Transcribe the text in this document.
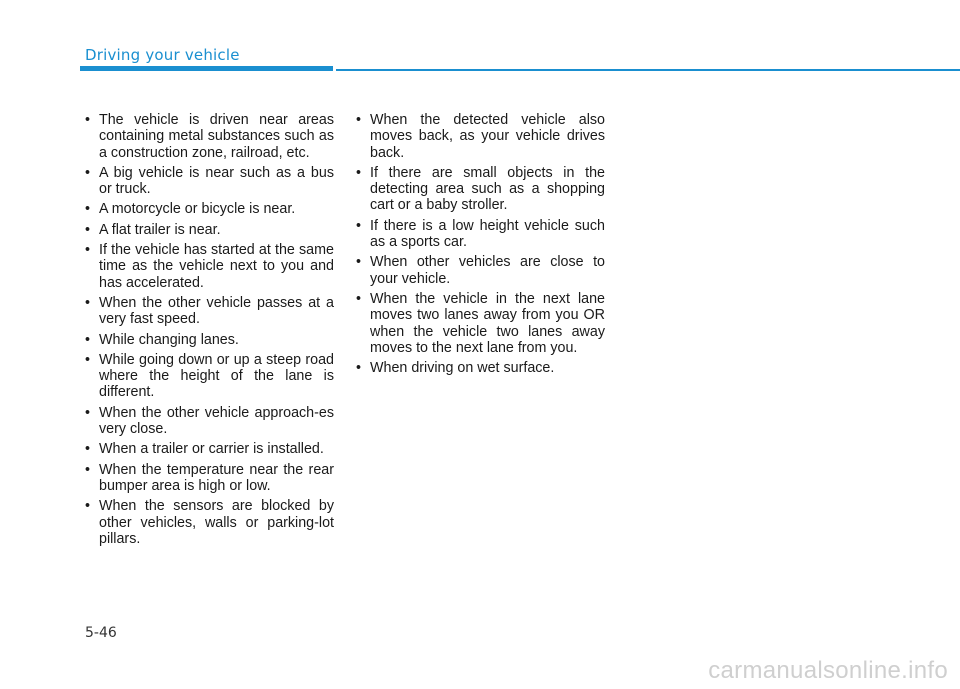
Driving your vehicle
• The vehicle is driven near areas containing metal substances such as a construction zone, railroad, etc.
• A big vehicle is near such as a bus or truck.
• A motorcycle or bicycle is near.
• A flat trailer is near.
• If the vehicle has started at the same time as the vehicle next to you and has accelerated.
• When the other vehicle passes at a very fast speed.
• While changing lanes.
• While going down or up a steep road where the height of the lane is different.
• When the other vehicle approach-es very close.
• When a trailer or carrier is installed.
• When the temperature near the rear bumper area is high or low.
• When the sensors are blocked by other vehicles, walls or parking-lot pillars.
• When the detected vehicle also moves back, as your vehicle drives back.
• If there are small objects in the detecting area such as a shopping cart or a baby stroller.
• If there is a low height vehicle such as a sports car.
• When other vehicles are close to your vehicle.
• When the vehicle in the next lane moves two lanes away from you OR when the vehicle two lanes away moves to the next lane from you.
• When driving on wet surface.
5-46
carmanualsonline.info
